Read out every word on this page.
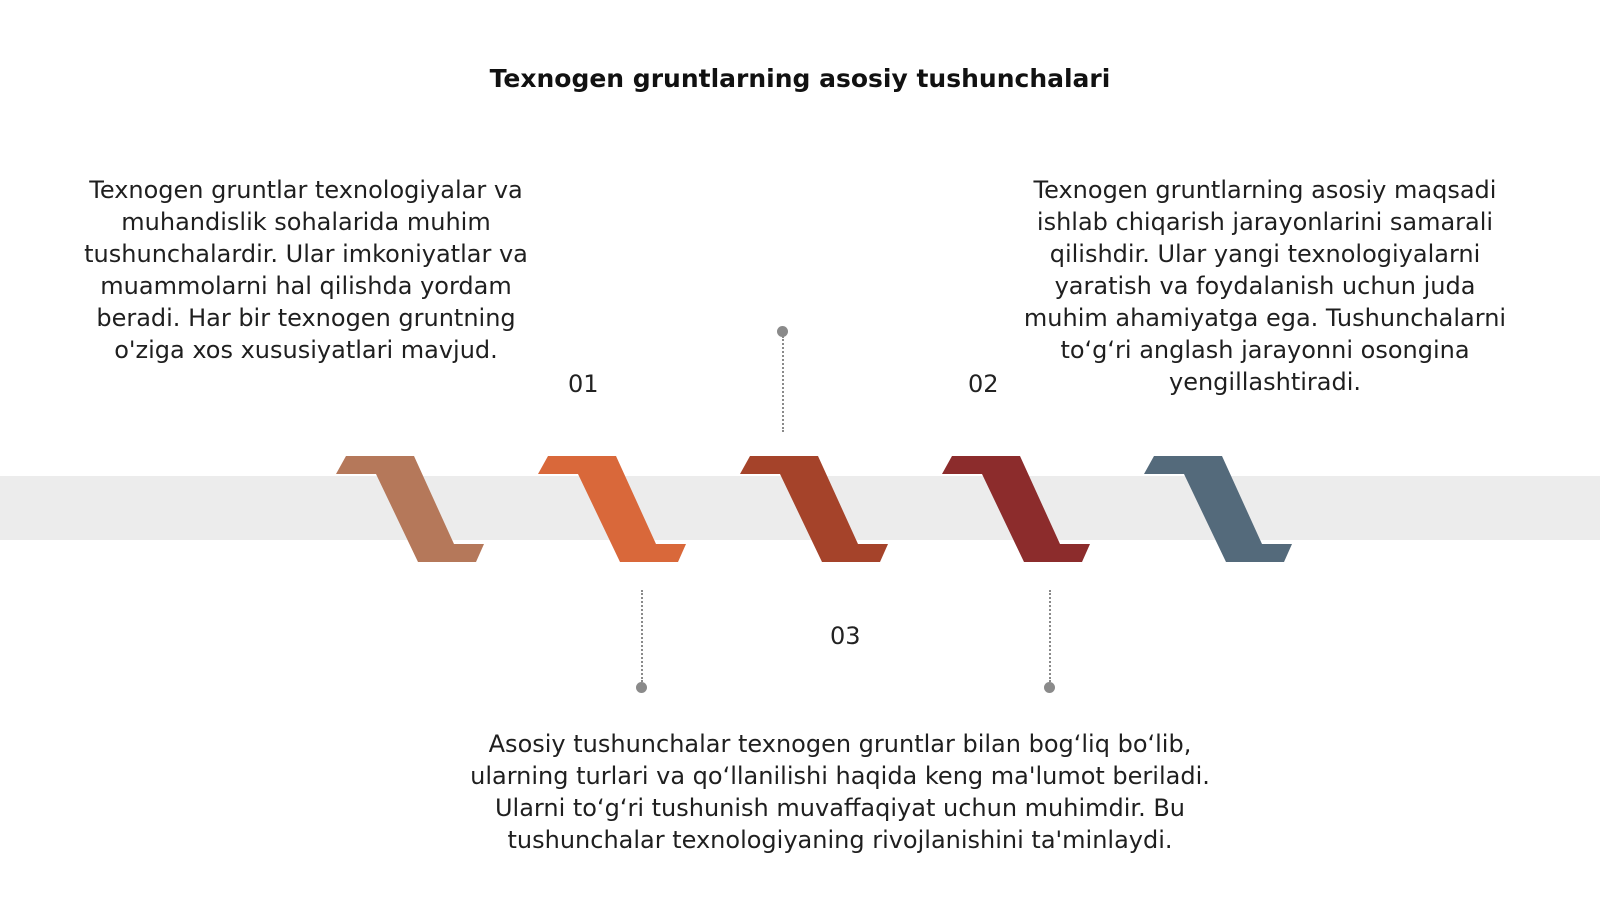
Texnogen gruntlarning asosiy tushunchalari
Texnogen gruntlar texnologiyalar va muhandislik sohalarida muhim tushunchalardir. Ular imkoniyatlar va muammolarni hal qilishda yordam beradi. Har bir texnogen gruntning o'ziga xos xususiyatlari mavjud.
Texnogen gruntlarning asosiy maqsadi ishlab chiqarish jarayonlarini samarali qilishdir. Ular yangi texnologiyalarni yaratish va foydalanish uchun juda muhim ahamiyatga ega. Tushunchalarni to‘g‘ri anglash jarayonni osongina yengillashtiradi.
Asosiy tushunchalar texnogen gruntlar bilan bog‘liq bo‘lib, ularning turlari va qo‘llanilishi haqida keng ma'lumot beriladi. Ularni to‘g‘ri tushunish muvaffaqiyat uchun muhimdir. Bu tushunchalar texnologiyaning rivojlanishini ta'minlaydi.
01	02
03
